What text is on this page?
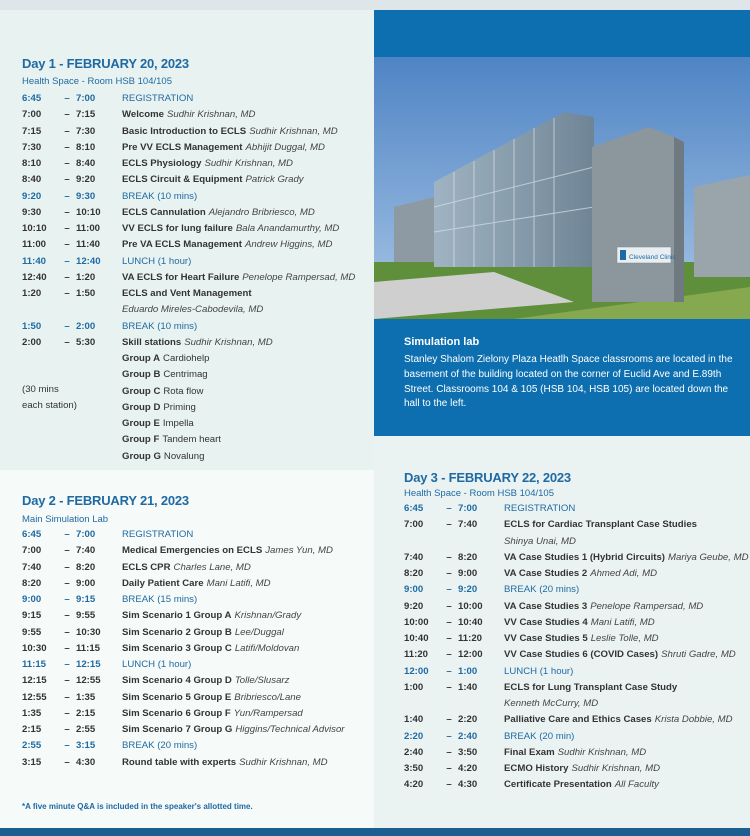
Day 1 - FEBRUARY 20, 2023
Health Space - Room HSB 104/105
6:45 – 7:00	REGISTRATION
7:00 – 7:15	Welcome Sudhir Krishnan, MD
7:15 – 7:30	Basic Introduction to ECLS Sudhir Krishnan, MD
7:30 – 8:10	Pre VV ECLS Management Abhijit Duggal, MD
8:10 – 8:40	ECLS Physiology Sudhir Krishnan, MD
8:40 – 9:20	ECLS Circuit & Equipment Patrick Grady
9:20 – 9:30	BREAK (10 mins)
9:30 – 10:10	ECLS Cannulation Alejandro Bribriesco, MD
10:10 – 11:00	VV ECLS for lung failure Bala Anandamurthy, MD
11:00 – 11:40	Pre VA ECLS Management Andrew Higgins, MD
11:40 – 12:40	LUNCH (1 hour)
12:40 – 1:20	VA ECLS for Heart Failure Penelope Rampersad, MD
1:20 – 1:50	ECLS and Vent Management
Eduardo Mireles-Cabodevila, MD
1:50 – 2:00	BREAK (10 mins)
2:00 – 5:30	Skill stations Sudhir Krishnan, MD
Group A Cardiohelp
Group B Centrimag
Group C Rota flow
Group D Priming
Group E Impella
Group F Tandem heart
Group G Novalung
(30 mins
each station)
Day 2 - FEBRUARY 21, 2023
Main Simulation Lab
6:45 – 7:00	REGISTRATION
7:00 – 7:40	Medical Emergencies on ECLS James Yun, MD
7:40 – 8:20	ECLS CPR Charles Lane, MD
8:20 – 9:00	Daily Patient Care Mani Latifi, MD
9:00 – 9:15	BREAK (15 mins)
9:15 – 9:55	Sim Scenario 1 Group A Krishnan/Grady
9:55 – 10:30	Sim Scenario 2 Group B Lee/Duggal
10:30 – 11:15	Sim Scenario 3 Group C Latifi/Moldovan
11:15 – 12:15	LUNCH (1 hour)
12:15 – 12:55	Sim Scenario 4 Group D Tolle/Slusarz
12:55 – 1:35	Sim Scenario 5 Group E Bribriesco/Lane
1:35 – 2:15	Sim Scenario 6 Group F Yun/Rampersad
2:15 – 2:55	Sim Scenario 7 Group G Higgins/Technical Advisor
2:55 – 3:15	BREAK (20 mins)
3:15 – 4:30	Round table with experts Sudhir Krishnan, MD
*A five minute Q&A is included in the speaker's allotted time.
Cleveland Clinic
Simulation lab
Stanley Shalom Zielony Plaza Heatlh Space classrooms are located in the basement of the building located on the corner of Euclid Ave and E.89th Street. Classrooms 104 & 105 (HSB 104, HSB 105) are located down the hall to the left.
Day 3 - FEBRUARY 22, 2023
Health Space - Room HSB 104/105
6:45 – 7:00	REGISTRATION
7:00 – 7:40	ECLS for Cardiac Transplant Case Studies
Shinya Unai, MD
7:40 – 8:20	VA Case Studies 1 (Hybrid Circuits) Mariya Geube, MD
8:20 – 9:00	VA Case Studies 2 Ahmed Adi, MD
9:00 – 9:20	BREAK (20 mins)
9:20 – 10:00	VA Case Studies 3 Penelope Rampersad, MD
10:00 – 10:40	VV Case Studies 4 Mani Latifi, MD
10:40 – 11:20	VV Case Studies 5 Leslie Tolle, MD
11:20 – 12:00	VV Case Studies 6 (COVID Cases) Shruti Gadre, MD
12:00 – 1:00	LUNCH (1 hour)
1:00 – 1:40	ECLS for Lung Transplant Case Study
Kenneth McCurry, MD
1:40 – 2:20	Palliative Care and Ethics Cases Krista Dobbie, MD
2:20 – 2:40	BREAK (20 min)
2:40 – 3:50	Final Exam Sudhir Krishnan, MD
3:50 – 4:20	ECMO History Sudhir Krishnan, MD
4:20 – 4:30	Certificate Presentation All Faculty
